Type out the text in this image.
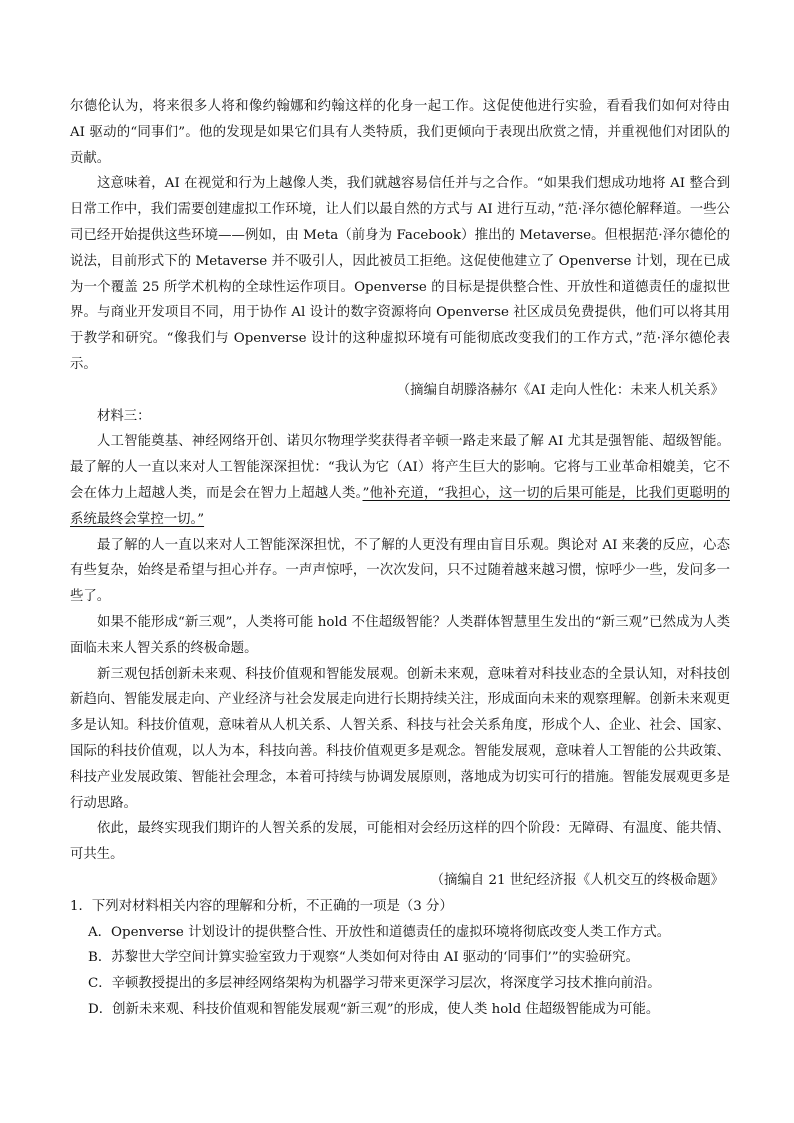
尔德伦认为，将来很多人将和像约翰娜和约翰这样的化身一起工作。这促使他进行实验，看看我们如何对待由 AI 驱动的“同事们”。他的发现是如果它们具有人类特质，我们更倾向于表现出欣赏之情，并重视他们对团队的贡献。

这意味着，AI 在视觉和行为上越像人类，我们就越容易信任并与之合作。“如果我们想成功地将 AI 整合到日常工作中，我们需要创建虚拟工作环境，让人们以最自然的方式与 AI 进行互动，”范·泽尔德伦解释道。一些公司已经开始提供这些环境——例如，由 Meta（前身为 Facebook）推出的 Metaverse。但根据范·泽尔德伦的说法，目前形式下的 Metaverse 并不吸引人，因此被员工拒绝。这促使他建立了 Openverse 计划，现在已成为一个覆盖 25 所学术机构的全球性运作项目。Openverse 的目标是提供整合性、开放性和道德责任的虚拟世界。与商业开发项目不同，用于协作 Al 设计的数字资源将向 Openverse 社区成员免费提供，他们可以将其用于教学和研究。“像我们与 Openverse 设计的这种虚拟环境有可能彻底改变我们的工作方式，”范·泽尔德伦表示。

（摘编自胡滕洛赫尔《AI 走向人性化：未来人机关系》

材料三：

人工智能奠基、神经网络开创、诺贝尔物理学奖获得者辛顿一路走来最了解 AI 尤其是强智能、超级智能。最了解的人一直以来对人工智能深深担忧：“我认为它（AI）将产生巨大的影响。它将与工业革命相媲美，它不会在体力上超越人类，而是会在智力上超越人类。”他补充道，“我担心，这一切的后果可能是，比我们更聪明的系统最终会掌控一切。”

最了解的人一直以来对人工智能深深担忧，不了解的人更没有理由盲目乐观。舆论对 AI 来袭的反应，心态有些复杂，始终是希望与担心并存。一声声惊呼，一次次发问，只不过随着越来越习惯，惊呼少一些，发问多一些了。

如果不能形成“新三观”，人类将可能 hold 不住超级智能？人类群体智慧里生发出的“新三观”已然成为人类面临未来人智关系的终极命题。

新三观包括创新未来观、科技价值观和智能发展观。创新未来观，意味着对科技业态的全景认知，对科技创新趋向、智能发展走向、产业经济与社会发展走向进行长期持续关注，形成面向未来的观察理解。创新未来观更多是认知。科技价值观，意味着从人机关系、人智关系、科技与社会关系角度，形成个人、企业、社会、国家、国际的科技价值观，以人为本，科技向善。科技价值观更多是观念。智能发展观，意味着人工智能的公共政策、科技产业发展政策、智能社会理念，本着可持续与协调发展原则，落地成为切实可行的措施。智能发展观更多是行动思路。

依此，最终实现我们期许的人智关系的发展，可能相对会经历这样的四个阶段：无障碍、有温度、能共情、可共生。

（摘编自 21 世纪经济报《人机交互的终极命题》

1．下列对材料相关内容的理解和分析，不正确的一项是（3 分）

A．Openverse 计划设计的提供整合性、开放性和道德责任的虚拟环境将彻底改变人类工作方式。

B．苏黎世大学空间计算实验室致力于观察“人类如何对待由 AI 驱动的‘同事们’”的实验研究。

C．辛顿教授提出的多层神经网络架构为机器学习带来更深学习层次，将深度学习技术推向前沿。

D．创新未来观、科技价值观和智能发展观“新三观”的形成，使人类 hold 住超级智能成为可能。
